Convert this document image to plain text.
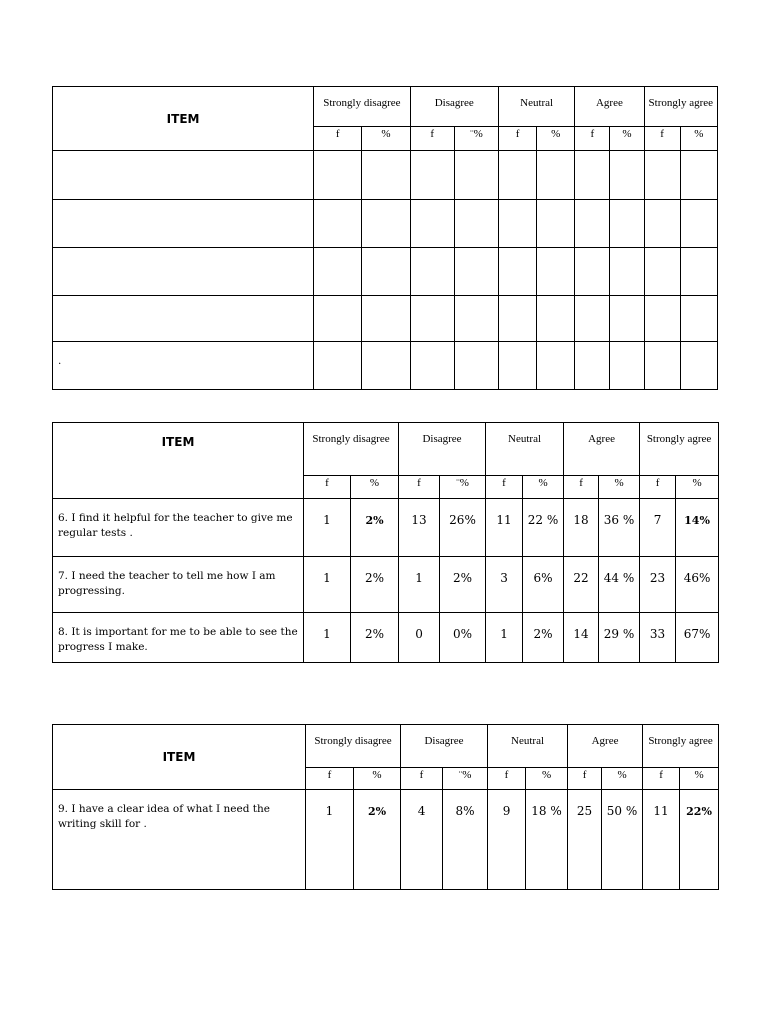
ITEM	Strongly disagree		Disagree		Neutral		Agree		Strongly agree	
	f	%	f	¨%	f	%	f	%	f	%

.										
ITEM	Strongly disagree		Disagree		Neutral		Agree		Strongly agree	
	f	%	f	¨%	f	%	f	%	f	%
6. I find it helpful for the teacher to give me regular tests .	1	2%	13	26%	11	22 %	18	36 %	7	14%
7. I need the teacher to tell me how I am progressing.	1	2%	1	2%	3	6%	22	44 %	23	46%
8. It is important for me to be able to see the progress I make.	1	2%	0	0%	1	2%	14	29 %	33	67%
ITEM	Strongly disagree		Disagree		Neutral		Agree		Strongly agree	
	f	%	f	¨%	f	%	f	%	f	%
9. I have a clear idea of what I need the writing skill for .	1	2%	4	8%	9	18 %	25	50 %	11	22%
